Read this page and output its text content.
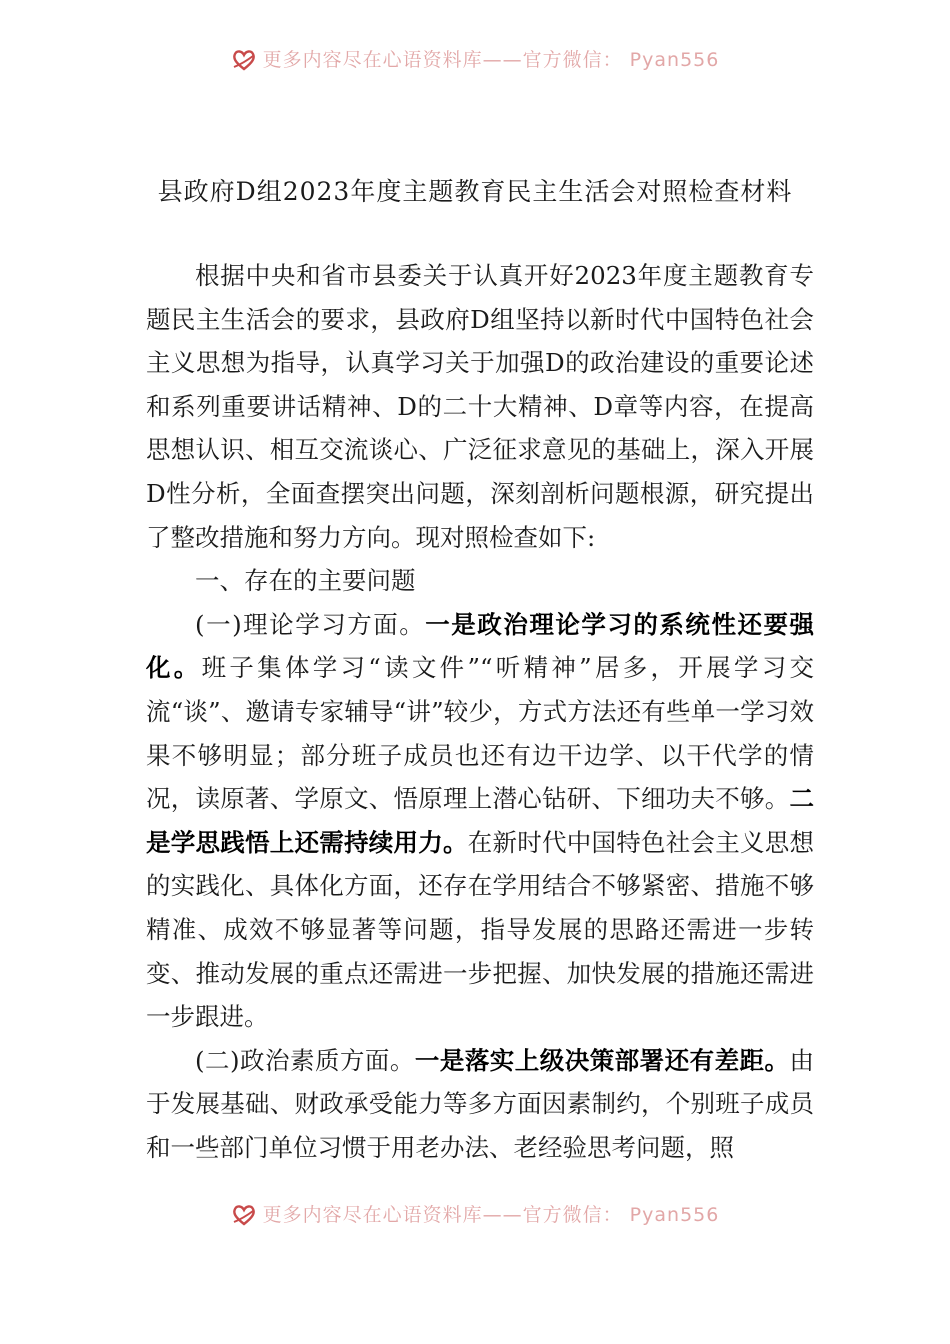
更多内容尽在心语资料库——官方微信： Pyan556
县政府D组2023年度主题教育民主生活会对照检查材料

根据中央和省市县委关于认真开好2023年度主题教育专题民主生活会的要求，县政府D组坚持以新时代中国特色社会主义思想为指导，认真学习关于加强D的政治建设的重要论述和系列重要讲话精神、D的二十大精神、D章等内容，在提高思想认识、相互交流谈心、广泛征求意见的基础上，深入开展D性分析，全面查摆突出问题，深刻剖析问题根源，研究提出了整改措施和努力方向。现对照检查如下:

一、存在的主要问题

(一)理论学习方面。一是政治理论学习的系统性还要强化。班子集体学习“读文件”“听精神”居多，开展学习交流“谈”、邀请专家辅导“讲”较少，方式方法还有些单一学习效果不够明显；部分班子成员也还有边干边学、以干代学的情况，读原著、学原文、悟原理上潜心钻研、下细功夫不够。二是学思践悟上还需持续用力。在新时代中国特色社会主义思想的实践化、具体化方面，还存在学用结合不够紧密、措施不够精准、成效不够显著等问题，指导发展的思路还需进一步转变、推动发展的重点还需进一步把握、加快发展的措施还需进一步跟进。

(二)政治素质方面。一是落实上级决策部署还有差距。由于发展基础、财政承受能力等多方面因素制约，个别班子成员和一些部门单位习惯于用老办法、老经验思考问题，照

更多内容尽在心语资料库——官方微信： Pyan556
